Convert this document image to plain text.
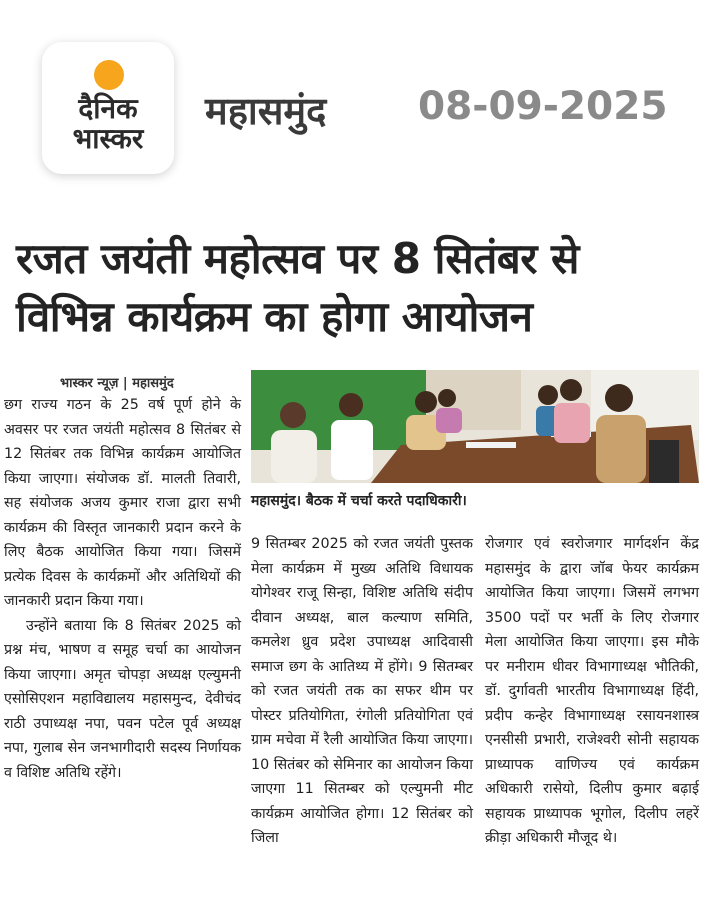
दैनिक
भास्कर
महासमुंद 08-09-2025
रजत जयंती महोत्सव पर 8 सितंबर से
विभिन्न कार्यक्रम का होगा आयोजन
भास्कर न्यूज़ | महासमुंद
महासमुंद। बैठक में चर्चा करते पदाधिकारी।

छग राज्य गठन के 25 वर्ष पूर्ण होने के अवसर पर रजत जयंती महोत्सव 8 सितंबर से 12 सितंबर तक विभिन्न कार्यक्रम आयोजित किया जाएगा। संयोजक डॉ. मालती तिवारी, सह संयोजक अजय कुमार राजा द्वारा सभी कार्यक्रम की विस्तृत जानकारी प्रदान करने के लिए बैठक आयोजित किया गया। जिसमें प्रत्येक दिवस के कार्यक्रमों और अतिथियों की जानकारी प्रदान किया गया।

उन्होंने बताया कि 8 सितंबर 2025 को प्रश्न मंच, भाषण व समूह चर्चा का आयोजन किया जाएगा। अमृत चोपड़ा अध्यक्ष एल्युमनी एसोसिएशन महाविद्यालय महासमुन्द, देवीचंद राठी उपाध्यक्ष नपा, पवन पटेल पूर्व अध्यक्ष नपा, गुलाब सेन जनभागीदारी सदस्य निर्णायक व विशिष्ट अतिथि रहेंगे।

9 सितम्बर 2025 को रजत जयंती पुस्तक मेला कार्यक्रम में मुख्य अतिथि विधायक योगेश्वर राजू सिन्हा, विशिष्ट अतिथि संदीप दीवान अध्यक्ष, बाल कल्याण समिति, कमलेश ध्रुव प्रदेश उपाध्यक्ष आदिवासी समाज छग के आतिथ्य में होंगे। 9 सितम्बर को रजत जयंती तक का सफर थीम पर पोस्टर प्रतियोगिता, रंगोली प्रतियोगिता एवं ग्राम मचेवा में रैली आयोजित किया जाएगा। 10 सितंबर को सेमिनार का आयोजन किया जाएगा 11 सितम्बर को एल्युमनी मीट कार्यक्रम आयोजित होगा। 12 सितंबर को जिला

रोजगार एवं स्वरोजगार मार्गदर्शन केंद्र महासमुंद के द्वारा जॉब फेयर कार्यक्रम आयोजित किया जाएगा। जिसमें लगभग 3500 पदों पर भर्ती के लिए रोजगार मेला आयोजित किया जाएगा। इस मौके पर मनीराम धीवर विभागाध्यक्ष भौतिकी, डॉ. दुर्गावती भारतीय विभागाध्यक्ष हिंदी, प्रदीप कन्हेर विभागाध्यक्ष रसायनशास्त्र एनसीसी प्रभारी, राजेश्वरी सोनी सहायक प्राध्यापक वाणिज्य एवं कार्यक्रम अधिकारी रासेयो, दिलीप कुमार बढ़ाई सहायक प्राध्यापक भूगोल, दिलीप लहरें क्रीड़ा अधिकारी मौजूद थे।
